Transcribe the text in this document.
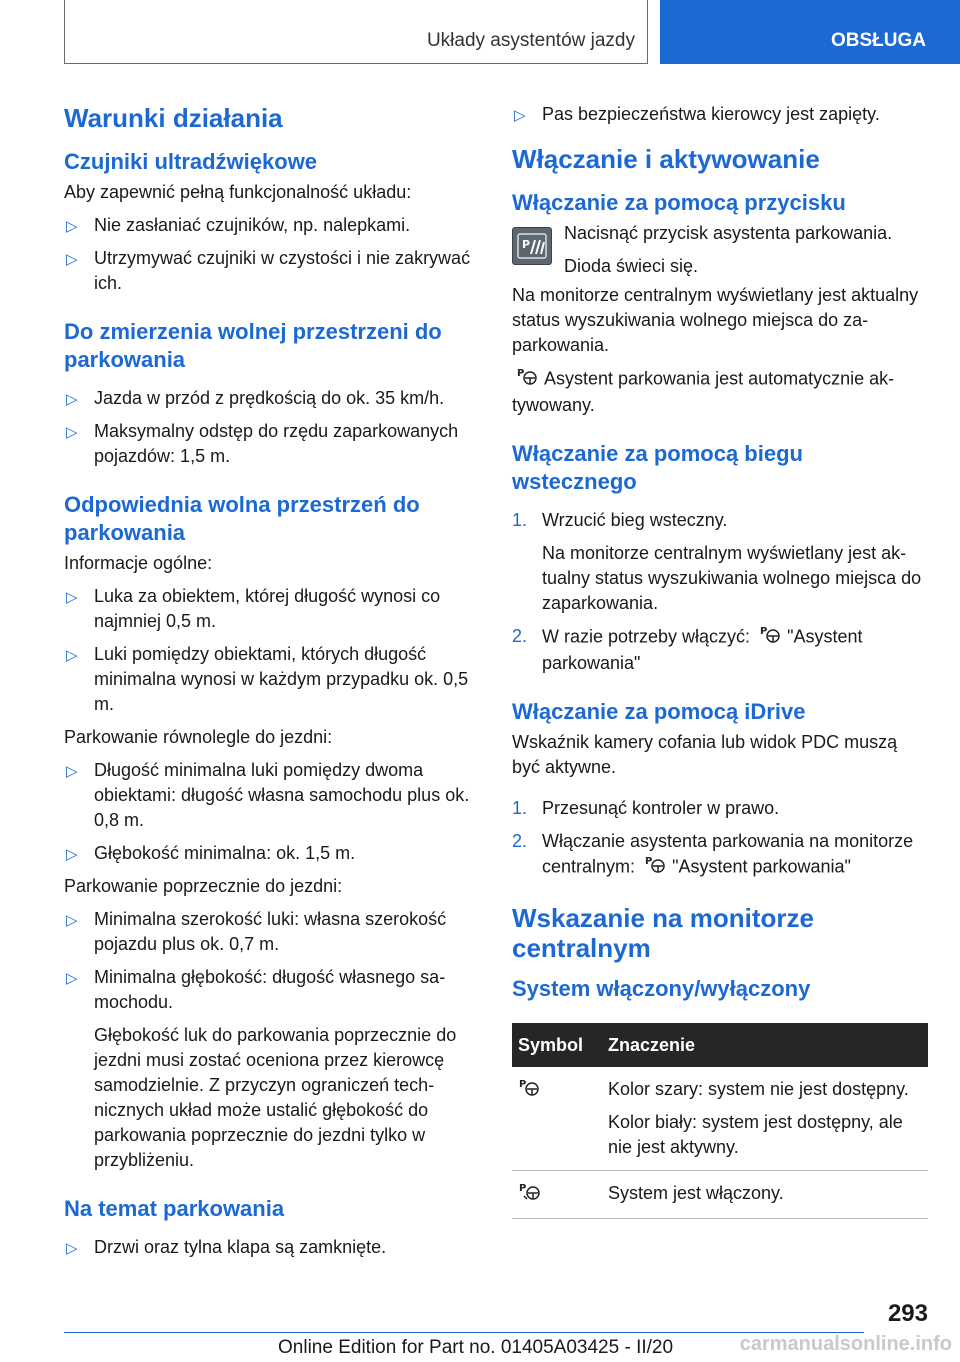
Układy asystentów jazdy	OBSŁUGA
Warunki działania
Czujniki ultradźwiękowe

Aby zapewnić pełną funkcjonalność układu:

▷ Nie zasłaniać czujników, np. nalepkami.
▷ Utrzymywać czujniki w czystości i nie zakrywać ich.
Do zmierzenia wolnej przestrzeni do parkowania
▷ Jazda w przód z prędkością do ok. 35 km/h.
▷ Maksymalny odstęp do rzędu zaparkowanych pojazdów: 1,5 m.
Odpowiednia wolna przestrzeń do parkowania

Informacje ogólne:

▷ Luka za obiektem, której długość wynosi co najmniej 0,5 m.
▷ Luki pomiędzy obiektami, których długość minimalna wynosi w każdym przypadku ok. 0,5 m.

Parkowanie równolegle do jezdni:

▷ Długość minimalna luki pomiędzy dwoma obiektami: długość własna samochodu plus ok. 0,8 m.
▷ Głębokość minimalna: ok. 1,5 m.

Parkowanie poprzecznie do jezdni:

▷ Minimalna szerokość luki: własna szerokość pojazdu plus ok. 0,7 m.
▷ Minimalna głębokość: długość własnego samochodu.
Głębokość luk do parkowania poprzecznie do jezdni musi zostać oceniona przez kierowcę samodzielnie. Z przyczyn ograniczeń technicznych układ może ustalić głębokość do parkowania poprzecznie do jezdni tylko w przybliżeniu.
Na temat parkowania
▷ Drzwi oraz tylna klapa są zamknięte.
▷ Pas bezpieczeństwa kierowcy jest zapięty.
Włączanie i aktywowanie
Włączanie za pomocą przycisku
P

Nacisnąć przycisk asystenta parkowania.

Dioda świeci się.

Na monitorze centralnym wyświetlany jest aktualny status wyszukiwania wolnego miejsca do zaparkowania.

P Asystent parkowania jest automatycznie aktywowany.

Włączanie za pomocą biegu wstecznego
1. Wrzucić bieg wsteczny.
Na monitorze centralnym wyświetlany jest aktualny status wyszukiwania wolnego miejsca do zaparkowania.
2. W razie potrzeby włączyć: P "Asystent parkowania"
Włączanie za pomocą iDrive

Wskaźnik kamery cofania lub widok PDC muszą być aktywne.

1. Przesunąć kontroler w prawo.
2. Włączanie asystenta parkowania na monitorze centralnym: P "Asystent parkowania"
Wskazanie na monitorze centralnym
System włączony/wyłączony
Symbol	Znaczenie

P	Kolor szary: system nie jest dostępny.

Kolor biały: system jest dostępny, ale nie jest aktywny.

P	System jest włączony.

293
Online Edition for Part no. 01405A03425 - II/20	carmanualsonline.info
